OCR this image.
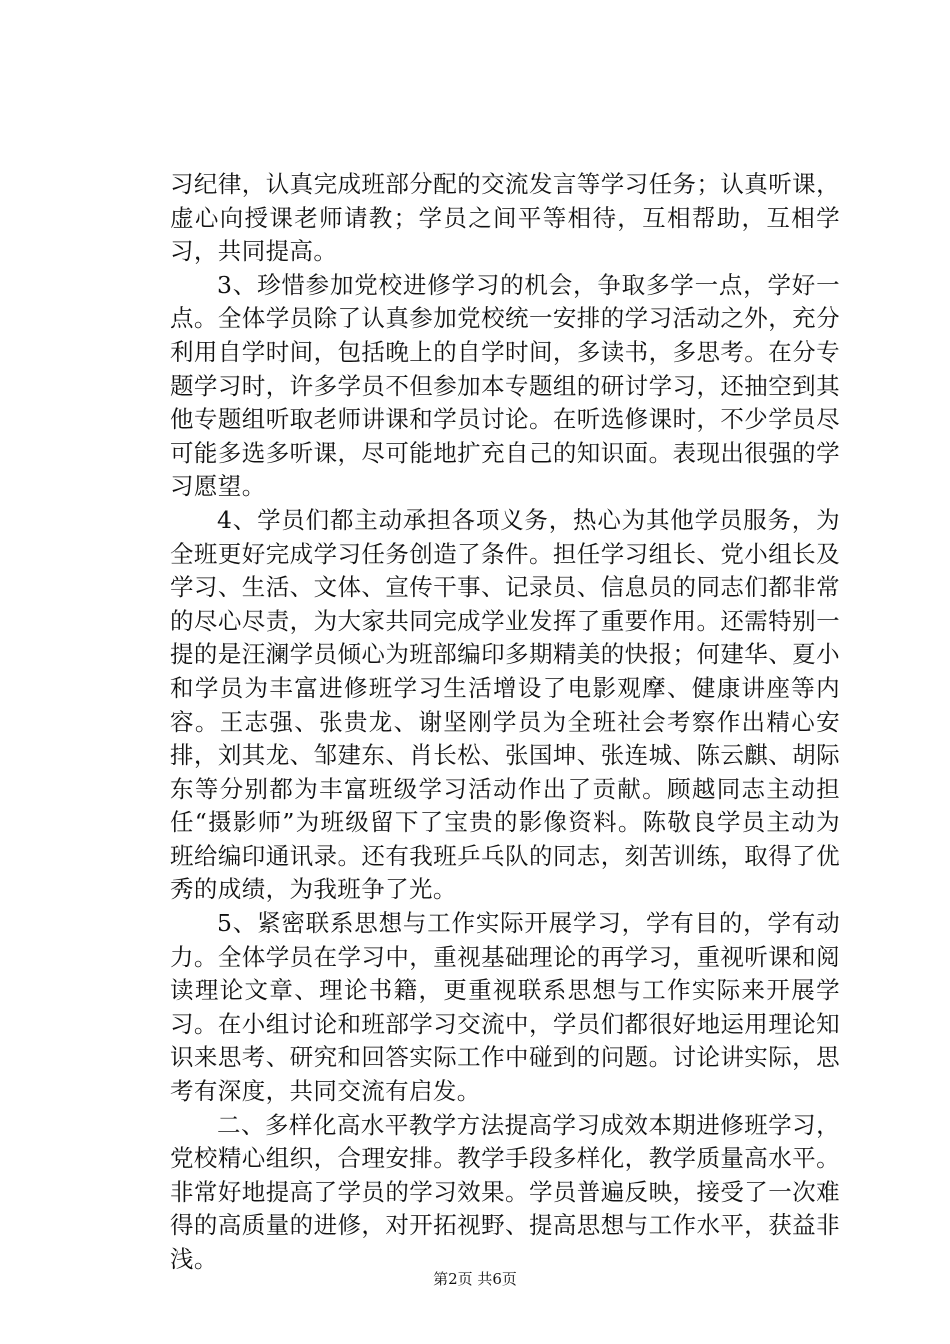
习纪律，认真完成班部分配的交流发言等学习任务；认真听课，虚心向授课老师请教；学员之间平等相待，互相帮助，互相学习，共同提高。

3、珍惜参加党校进修学习的机会，争取多学一点，学好一点。全体学员除了认真参加党校统一安排的学习活动之外，充分利用自学时间，包括晚上的自学时间，多读书，多思考。在分专题学习时，许多学员不但参加本专题组的研讨学习，还抽空到其他专题组听取老师讲课和学员讨论。在听选修课时，不少学员尽可能多选多听课，尽可能地扩充自己的知识面。表现出很强的学习愿望。

4、学员们都主动承担各项义务，热心为其他学员服务，为全班更好完成学习任务创造了条件。担任学习组长、党小组长及学习、生活、文体、宣传干事、记录员、信息员的同志们都非常的尽心尽责，为大家共同完成学业发挥了重要作用。还需特别一提的是汪澜学员倾心为班部编印多期精美的快报；何建华、夏小和学员为丰富进修班学习生活增设了电影观摩、健康讲座等内容。王志强、张贵龙、谢坚刚学员为全班社会考察作出精心安排，刘其龙、邹建东、肖长松、张国坤、张连城、陈云麒、胡际东等分别都为丰富班级学习活动作出了贡献。顾越同志主动担任“摄影师”为班级留下了宝贵的影像资料。陈敬良学员主动为班给编印通讯录。还有我班乒乓队的同志，刻苦训练，取得了优秀的成绩，为我班争了光。

5、紧密联系思想与工作实际开展学习，学有目的，学有动力。全体学员在学习中，重视基础理论的再学习，重视听课和阅读理论文章、理论书籍，更重视联系思想与工作实际来开展学习。在小组讨论和班部学习交流中，学员们都很好地运用理论知识来思考、研究和回答实际工作中碰到的问题。讨论讲实际，思考有深度，共同交流有启发。

二、多样化高水平教学方法提高学习成效本期进修班学习，党校精心组织，合理安排。教学手段多样化，教学质量高水平。非常好地提高了学员的学习效果。学员普遍反映，接受了一次难得的高质量的进修，对开拓视野、提高思想与工作水平，获益非浅。

第2页 共6页
